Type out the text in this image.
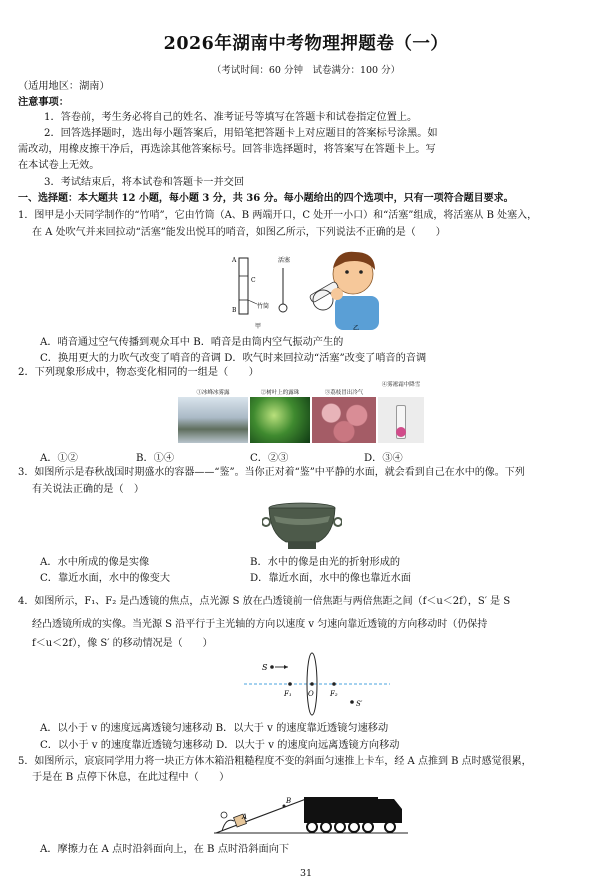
2026年湖南中考物理押题卷（一）
（考试时间：60 分钟　试卷满分：100 分）
（适用地区：湖南）
注意事项：
1．答卷前，考生务必将自己的姓名、准考证号等填写在答题卡和试卷指定位置上。
2．回答选择题时，选出每小题答案后，用铅笔把答题卡上对应题目的答案标号涂黑。如
需改动，用橡皮擦干净后，再选涂其他答案标号。回答非选择题时，将答案写在答题卡上。写
在本试卷上无效。
3．考试结束后，将本试卷和答题卡一并交回
一、选择题：本大题共 12 小题，每小题 3 分，共 36 分。每小题给出的四个选项中，只有一项符合题目要求。
1．图甲是小天同学制作的“竹哨”，它由竹筒（A、B 两端开口，C 处开一小口）和“活塞”组成，将活塞从 B 处塞入，
在 A 处吹气并来回拉动“活塞”能发出悦耳的哨音，如图乙所示，下列说法不正确的是（　　）
A
C
B
竹筒
活塞
甲	乙
A．哨音通过空气传播到观众耳中 B．哨音是由筒内空气振动产生的
C．换用更大的力吹气改变了哨音的音调 D．吹气时来回拉动“活塞”改变了哨音的音调
2．下列现象形成中，物态变化相同的一组是（　　）
①冰峰冰雾露	②树叶上的露珠	③荔枝冒出冷气
④雾凇霜中降雪
A．①②	B．①④	C．②③	D．③④
3．如图所示是春秋战国时期盛水的容器——“鉴”。当你正对着“鉴”中平静的水面，就会看到自己在水中的像。下列
有关说法正确的是（　）
A．水中所成的像是实像	B．水中的像是由光的折射形成的
C．靠近水面，水中的像变大	D．靠近水面，水中的像也靠近水面
4．如图所示，F₁、F₂ 是凸透镜的焦点，点光源 S 放在凸透镜前一倍焦距与两倍焦距之间（f＜u＜2f），S′ 是 S
经凸透镜所成的实像。当光源 S 沿平行于主光轴的方向以速度 v 匀速向靠近透镜的方向移动时（仍保持
f＜u＜2f），像 S′ 的移动情况是（　　）
S
F₁ O F₂
S′
A．以小于 v 的速度远离透镜匀速移动 B．以大于 v 的速度靠近透镜匀速移动
C．以小于 v 的速度靠近透镜匀速移动 D．以大于 v 的速度向远离透镜方向移动
5．如图所示，宸宸同学用力将一块正方体木箱沿粗糙程度不变的斜面匀速推上卡车，经 A 点推到 B 点时感觉很累，
于是在 B 点停下休息，在此过程中（　　）
A
B
A．摩擦力在 A 点时沿斜面向上，在 B 点时沿斜面向下
31
